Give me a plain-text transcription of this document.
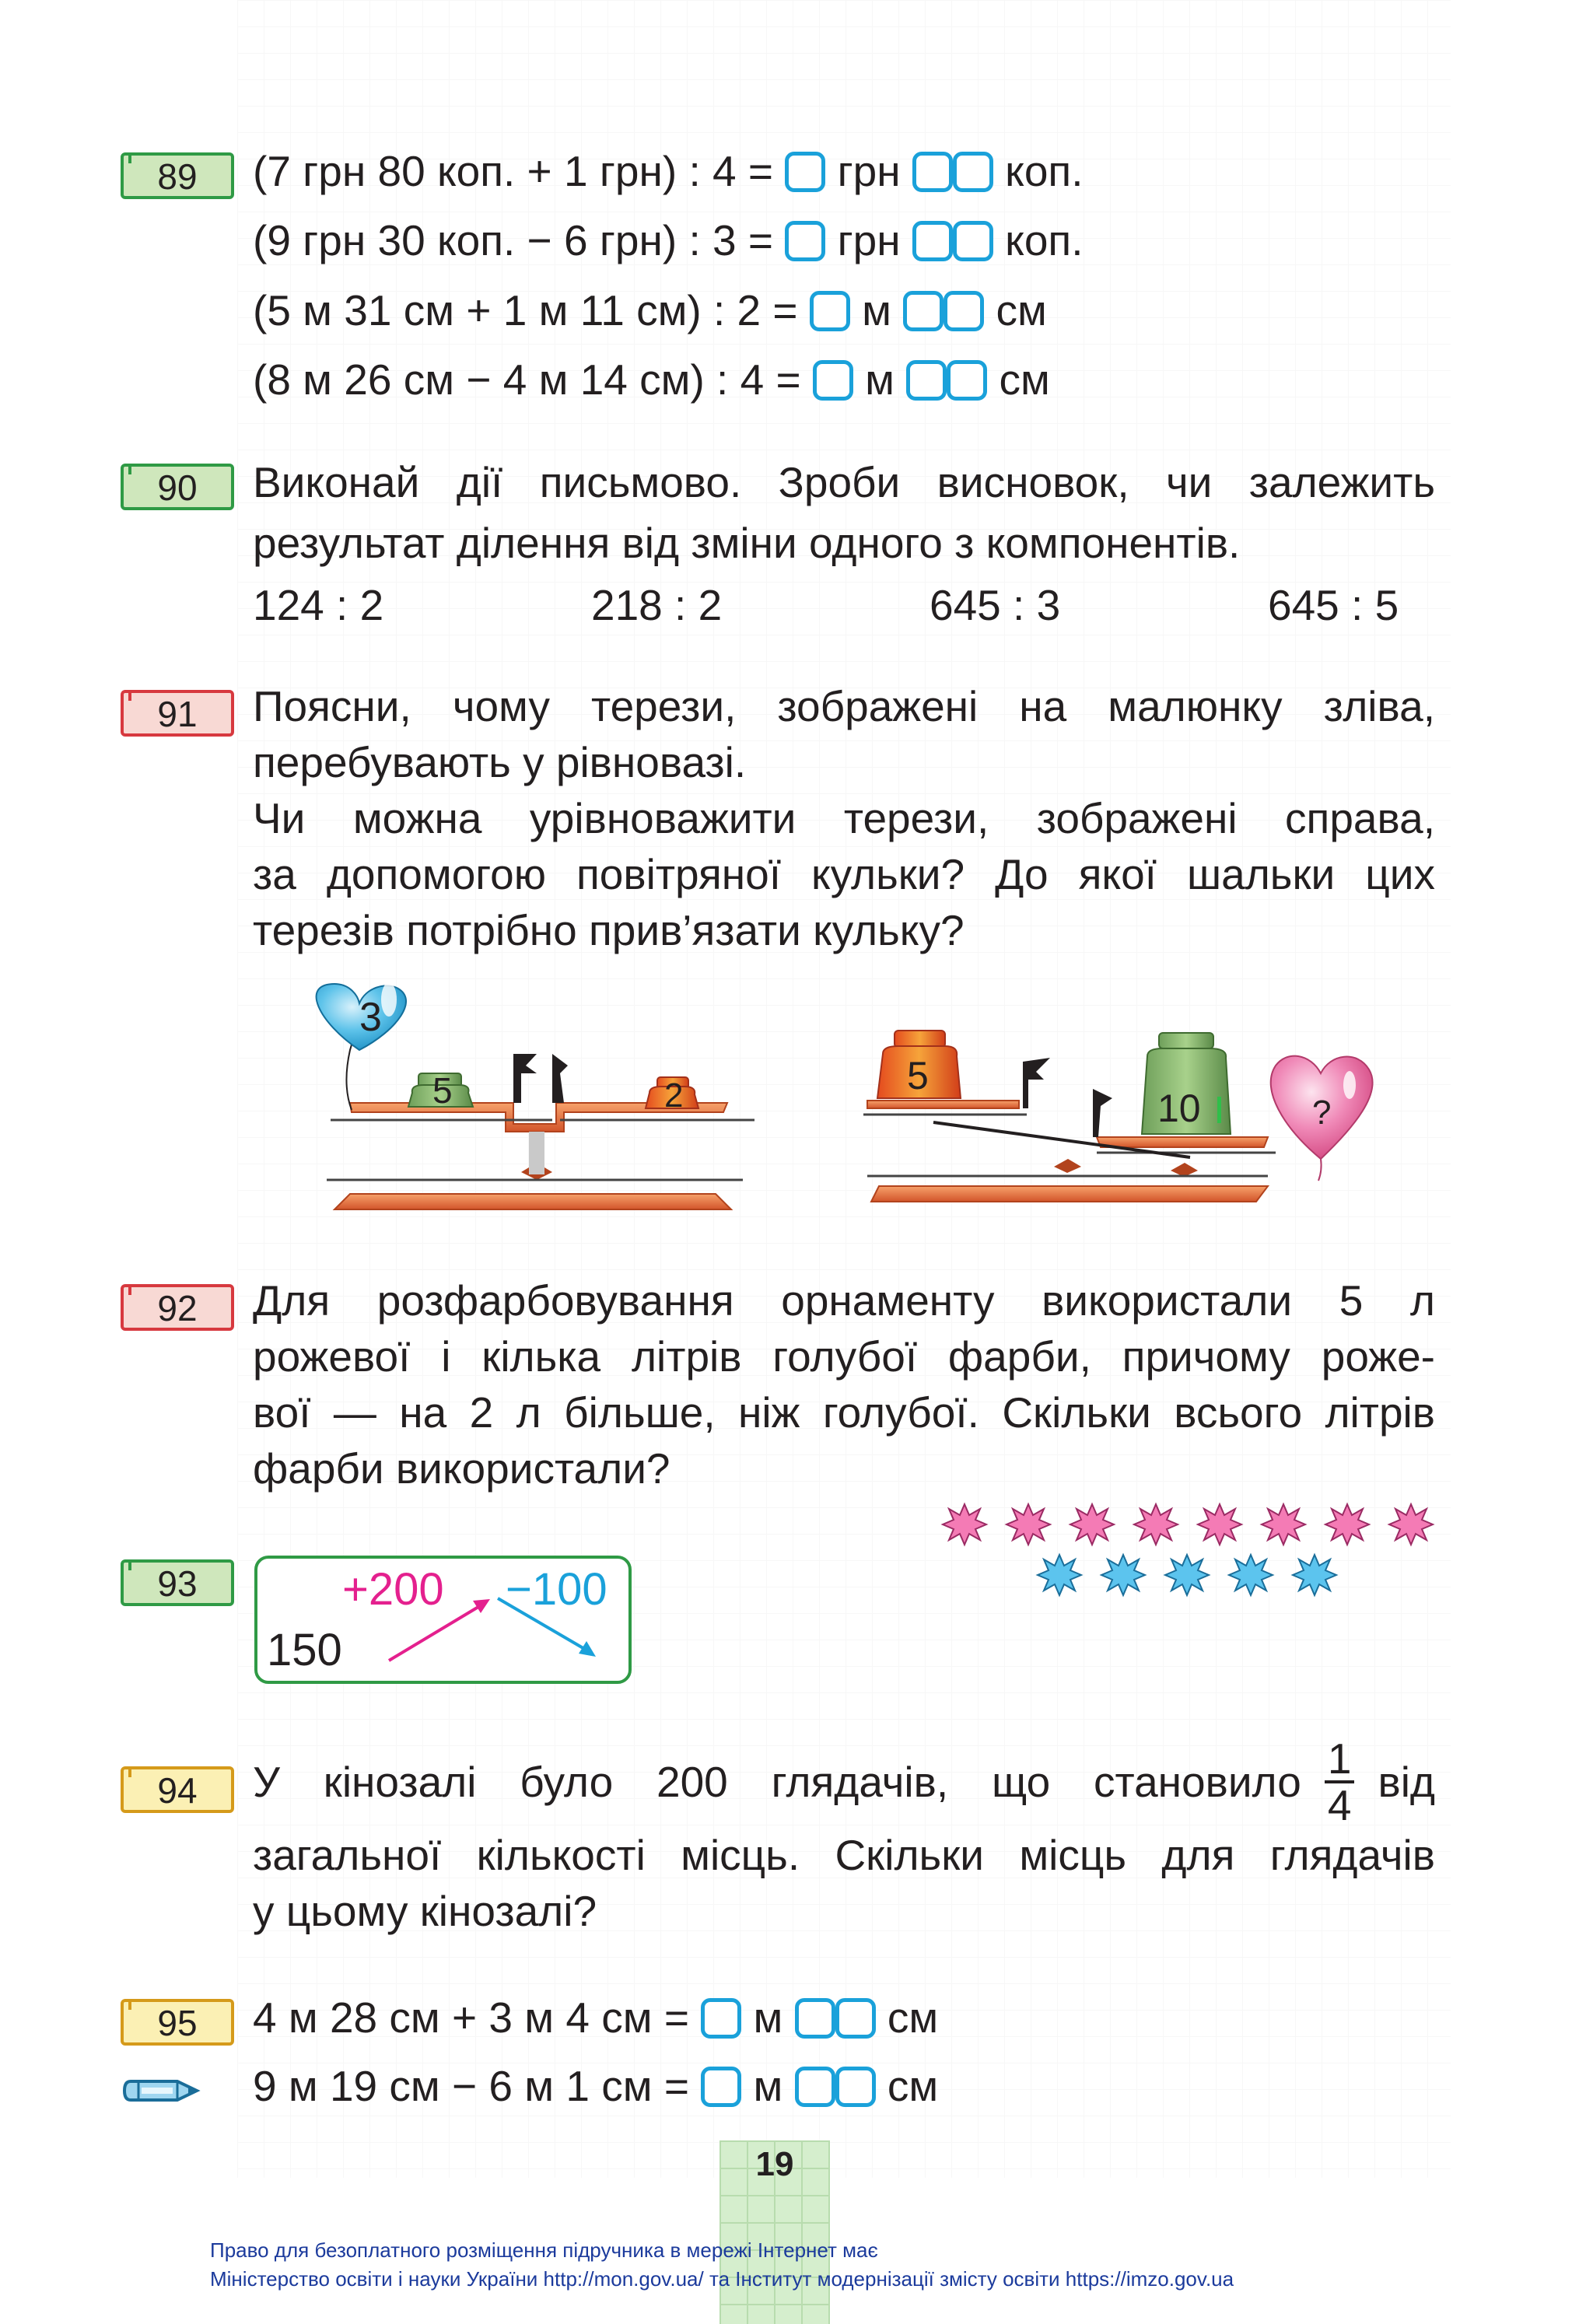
89	(7 грн 80 коп. + 1 грн) : 4 = грн коп.
(9 грн 30 коп. − 6 грн) : 3 = грн коп.
(5 м 31 см + 1 м 11 см) : 2 = м см
(8 м 26 см − 4 м 14 см) : 4 = м см
90	Виконай дії письмово. Зроби висновок, чи залежить
результат ділення від зміни одного з компонентів.
124 : 2	218 : 2	645 : 3	645 : 5
91	Поясни, чому терези, зображені на малюнку зліва,
перебувають у рівновазі.
Чи можна урівноважити терези, зображені справа,
за допомогою повітряної кульки? До якої шальки цих
терезів потрібно прив’язати кульку?
3
5	2	5
10	?
92	Для розфарбовування орнаменту використали 5 л
рожевої і кілька літрів голубої фарби, причому роже-
вої — на 2 л більше, ніж голубої. Скільки всього літрів
фарби використали?
93
150
+200 −100
94	У кінозалі було 200 глядачів, що становило $\frac{1}{4}$ від
загальної кількості місць. Скільки місць для глядачів
у цьому кінозалі?
95	4 м 28 см + 3 м 4 см = м см
9 м 19 см − 6 м 1 см = м см
19
Право для безоплатного розміщення підручника в мережі Інтернет має
Міністерство освіти і науки України http://mon.gov.ua/ та Інститут модернізації змісту освіти https://imzo.gov.ua
